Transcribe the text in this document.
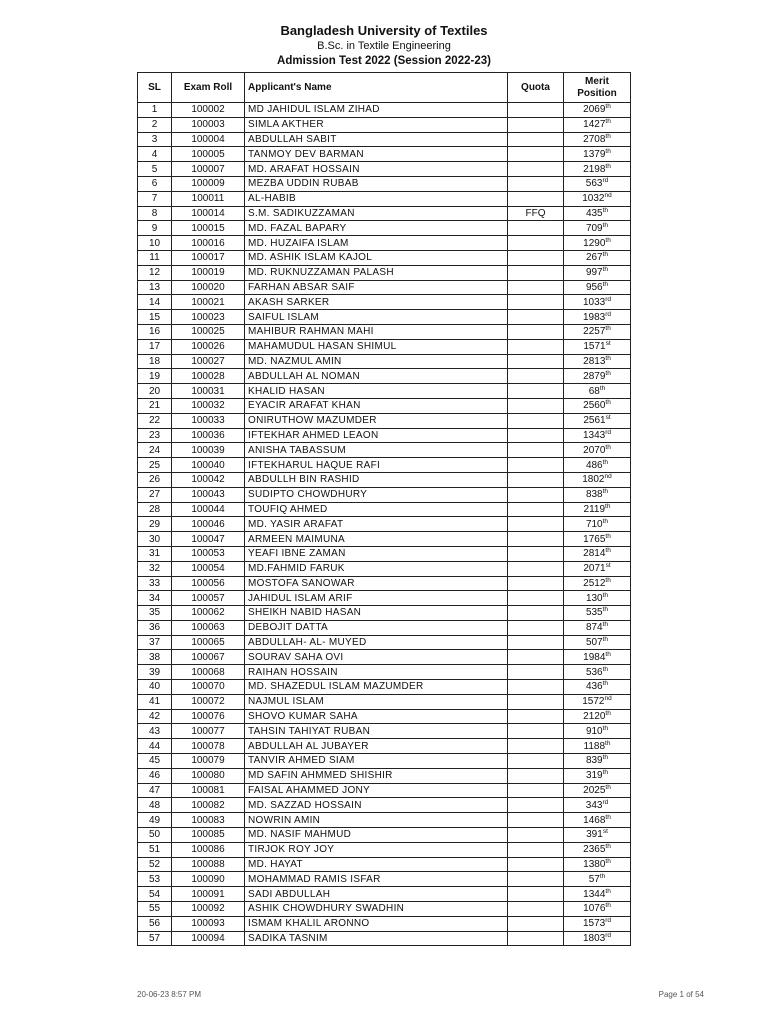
Bangladesh University of Textiles
B.Sc. in Textile Engineering
Admission Test 2022 (Session 2022-23)
SL	Exam Roll	Applicant's Name	Quota	Merit Position
1	100002	MD JAHIDUL ISLAM ZIHAD		2069th
2	100003	SIMLA AKTHER		1427th
3	100004	ABDULLAH SABIT		2708th
4	100005	TANMOY DEV BARMAN		1379th
5	100007	MD. ARAFAT HOSSAIN		2198th
6	100009	MEZBA UDDIN RUBAB		563rd
7	100011	AL-HABIB		1032nd
8	100014	S.M. SADIKUZZAMAN	FFQ	435th
9	100015	MD. FAZAL BAPARY		709th
10	100016	MD. HUZAIFA ISLAM		1290th
11	100017	MD. ASHIK ISLAM KAJOL		267th
12	100019	MD. RUKNUZZAMAN PALASH		997th
13	100020	FARHAN ABSAR SAIF		956th
14	100021	AKASH SARKER		1033rd
15	100023	SAIFUL ISLAM		1983rd
16	100025	MAHIBUR RAHMAN MAHI		2257th
17	100026	MAHAMUDUL HASAN SHIMUL		1571st
18	100027	MD. NAZMUL AMIN		2813th
19	100028	ABDULLAH AL NOMAN		2879th
20	100031	KHALID HASAN		68th
21	100032	EYACIR ARAFAT KHAN		2560th
22	100033	ONIRUTHOW MAZUMDER		2561st
23	100036	IFTEKHAR AHMED LEAON		1343rd
24	100039	ANISHA TABASSUM		2070th
25	100040	IFTEKHARUL HAQUE RAFI		486th
26	100042	ABDULLH BIN RASHID		1802nd
27	100043	SUDIPTO CHOWDHURY		838th
28	100044	TOUFIQ AHMED		2119th
29	100046	MD. YASIR ARAFAT		710th
30	100047	ARMEEN MAIMUNA		1765th
31	100053	YEAFI IBNE ZAMAN		2814th
32	100054	MD.FAHMID FARUK		2071st
33	100056	MOSTOFA SANOWAR		2512th
34	100057	JAHIDUL ISLAM ARIF		130th
35	100062	SHEIKH NABID HASAN		535th
36	100063	DEBOJIT DATTA		874th
37	100065	ABDULLAH- AL- MUYED		507th
38	100067	SOURAV SAHA OVI		1984th
39	100068	RAIHAN HOSSAIN		536th
40	100070	MD. SHAZEDUL ISLAM MAZUMDER		436th
41	100072	NAJMUL ISLAM		1572nd
42	100076	SHOVO KUMAR SAHA		2120th
43	100077	TAHSIN TAHIYAT RUBAN		910th
44	100078	ABDULLAH AL JUBAYER		1188th
45	100079	TANVIR AHMED SIAM		839th
46	100080	MD SAFIN AHMMED SHISHIR		319th
47	100081	FAISAL AHAMMED JONY		2025th
48	100082	MD. SAZZAD HOSSAIN		343rd
49	100083	NOWRIN AMIN		1468th
50	100085	MD. NASIF MAHMUD		391st
51	100086	TIRJOK ROY JOY		2365th
52	100088	MD. HAYAT		1380th
53	100090	MOHAMMAD RAMIS ISFAR		57th
54	100091	SADI ABDULLAH		1344th
55	100092	ASHIK CHOWDHURY SWADHIN		1076th
56	100093	ISMAM KHALIL ARONNO		1573rd
57	100094	SADIKA TASNIM		1803rd
20-06-23 8:57 PM	Page 1 of 54
